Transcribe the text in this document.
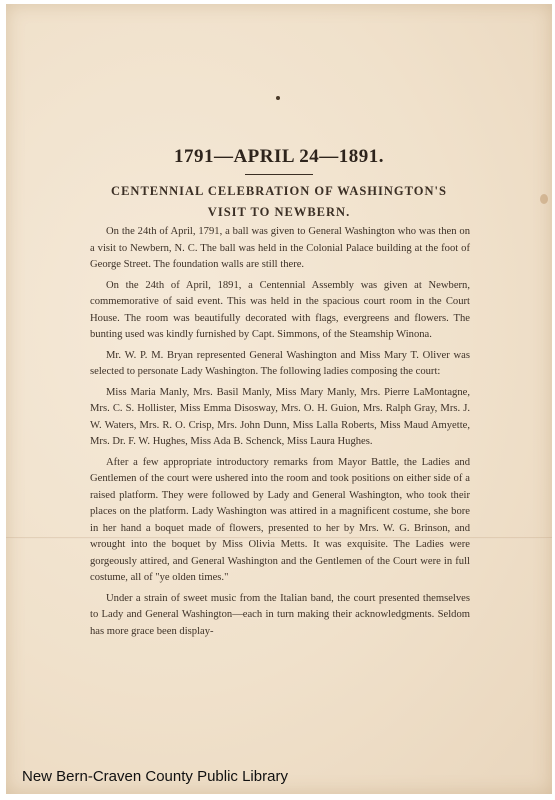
1791—APRIL 24—1891.
CENTENNIAL CELEBRATION OF WASHINGTON'S
VISIT TO NEWBERN.

On the 24th of April, 1791, a ball was given to General Washington who was then on a visit to Newbern, N. C. The ball was held in the Colonial Palace building at the foot of George Street. The foundation walls are still there.

On the 24th of April, 1891, a Centennial Assembly was given at Newbern, commemorative of said event. This was held in the spacious court room in the Court House. The room was beautifully decorated with flags, evergreens and flowers. The bunting used was kindly furnished by Capt. Simmons, of the Steamship Winona.

Mr. W. P. M. Bryan represented General Washington and Miss Mary T. Oliver was selected to personate Lady Washington. The following ladies composing the court:

Miss Maria Manly, Mrs. Basil Manly, Miss Mary Manly, Mrs. Pierre LaMontagne, Mrs. C. S. Hollister, Miss Emma Disosway, Mrs. O. H. Guion, Mrs. Ralph Gray, Mrs. J. W. Waters, Mrs. R. O. Crisp, Mrs. John Dunn, Miss Lalla Roberts, Miss Maud Amyette, Mrs. Dr. F. W. Hughes, Miss Ada B. Schenck, Miss Laura Hughes.

After a few appropriate introductory remarks from Mayor Battle, the Ladies and Gentlemen of the court were ushered into the room and took positions on either side of a raised platform. They were followed by Lady and General Washington, who took their places on the platform. Lady Washington was attired in a magnificent costume, she bore in her hand a boquet made of flowers, presented to her by Mrs. W. G. Brinson, and wrought into the boquet by Miss Olivia Metts. It was exquisite. The Ladies were gorgeously attired, and General Washington and the Gentlemen of the Court were in full costume, all of "ye olden times."

Under a strain of sweet music from the Italian band, the court presented themselves to Lady and General Washington—each in turn making their acknowledgments. Seldom has more grace been display-

New Bern-Craven County Public Library
